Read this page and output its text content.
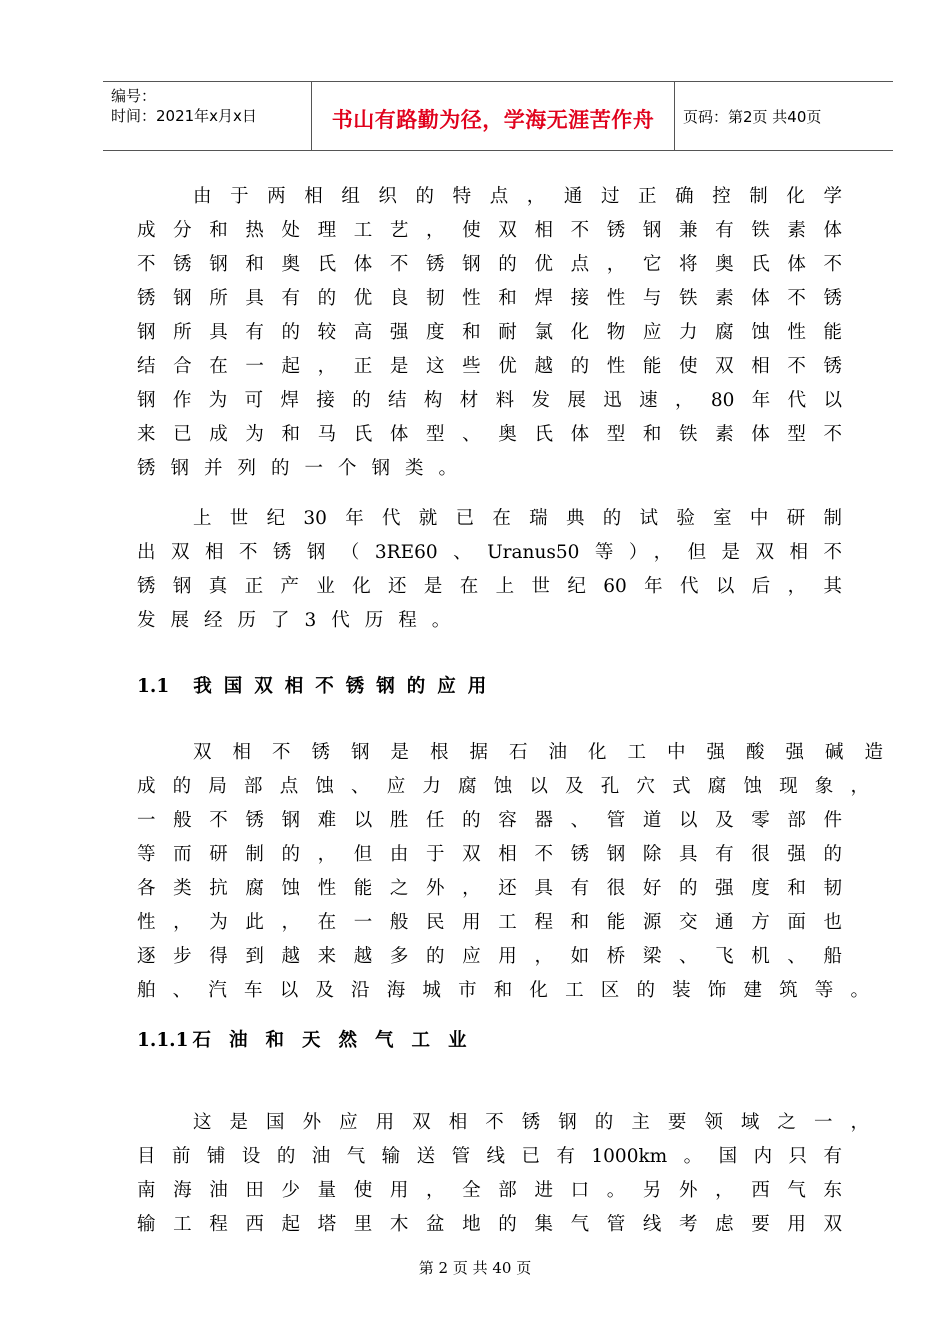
编号：
时间：2021年x月x日	书山有路勤为径，学海无涯苦作舟	页码：第2页 共40页
由于两相组织的特点，通过正确控制化学
成分和热处理工艺，使双相不锈钢兼有铁素体
不锈钢和奥氏体不锈钢的优点，它将奥氏体不
锈钢所具有的优良韧性和焊接性与铁素体不锈
钢所具有的较高强度和耐氯化物应力腐蚀性能
结合在一起，正是这些优越的性能使双相不锈
钢作为可焊接的结构材料发展迅速，80年代以
来已成为和马氏体型、奥氏体型和铁素体型不
锈钢并列的一个钢类。
上世纪30年代就已在瑞典的试验室中研制
出双相不锈钢（3RE60、Uranus50等），但是双相不
锈钢真正产业化还是在上世纪60年代以后，其
发展经历了3代历程。
1.1 我国双相不锈钢的应用
双相不锈钢是根据石油化工中强酸强碱造
成的局部点蚀、应力腐蚀以及孔穴式腐蚀现象，
一般不锈钢难以胜任的容器、管道以及零部件
等而研制的，但由于双相不锈钢除具有很强的
各类抗腐蚀性能之外，还具有很好的强度和韧
性，为此，在一般民用工程和能源交通方面也
逐步得到越来越多的应用，如桥梁、飞机、船
舶、汽车以及沿海城市和化工区的装饰建筑等。
1.1.1 石油和天然气工业
这是国外应用双相不锈钢的主要领域之一，
目前铺设的油气输送管线已有1000km。国内只有
南海油田少量使用，全部进口。另外，西气东
输工程西起塔里木盆地的集气管线考虑要用双
第 2 页 共 40 页
